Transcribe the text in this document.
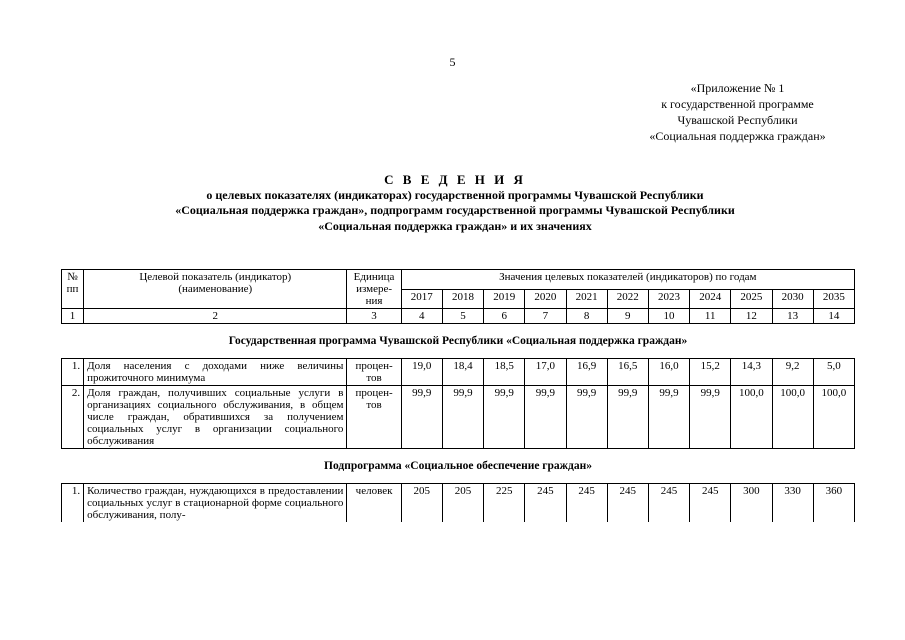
5
«Приложение № 1
к государственной программе
Чувашской Республики
«Социальная поддержка граждан»
С В Е Д Е Н И Я
о целевых показателях (индикаторах) государственной программы Чувашской Республики
«Социальная поддержка граждан», подпрограмм государственной программы Чувашской Республики
«Социальная поддержка граждан» и их значениях
№ пп	Целевой показатель (индикатор) (наименование)	Единица измере-ния	Значения целевых показателей (индикаторов) по годам										
			2017	2018	2019	2020	2021	2022	2023	2024	2025	2030	2035
1	2	3	4	5	6	7	8	9	10	11	12	13	14
Государственная программа Чувашской Республики «Социальная поддержка граждан»													
1.	Доля населения с доходами ниже величины прожиточного минимума	процен-тов	19,0	18,4	18,5	17,0	16,9	16,5	16,0	15,2	14,3	9,2	5,0
2.	Доля граждан, получивших социальные услуги в организациях социального обслуживания, в общем числе граждан, обратившихся за получением социальных услуг в организации социального обслуживания	процен-тов	99,9	99,9	99,9	99,9	99,9	99,9	99,9	99,9	100,0	100,0	100,0
Подпрограмма «Социальное обеспечение граждан»													
1.	Количество граждан, нуждающихся в предоставлении социальных услуг в стационарной форме социального обслуживания, полу-	человек	205	205	225	245	245	245	245	245	300	330	360
